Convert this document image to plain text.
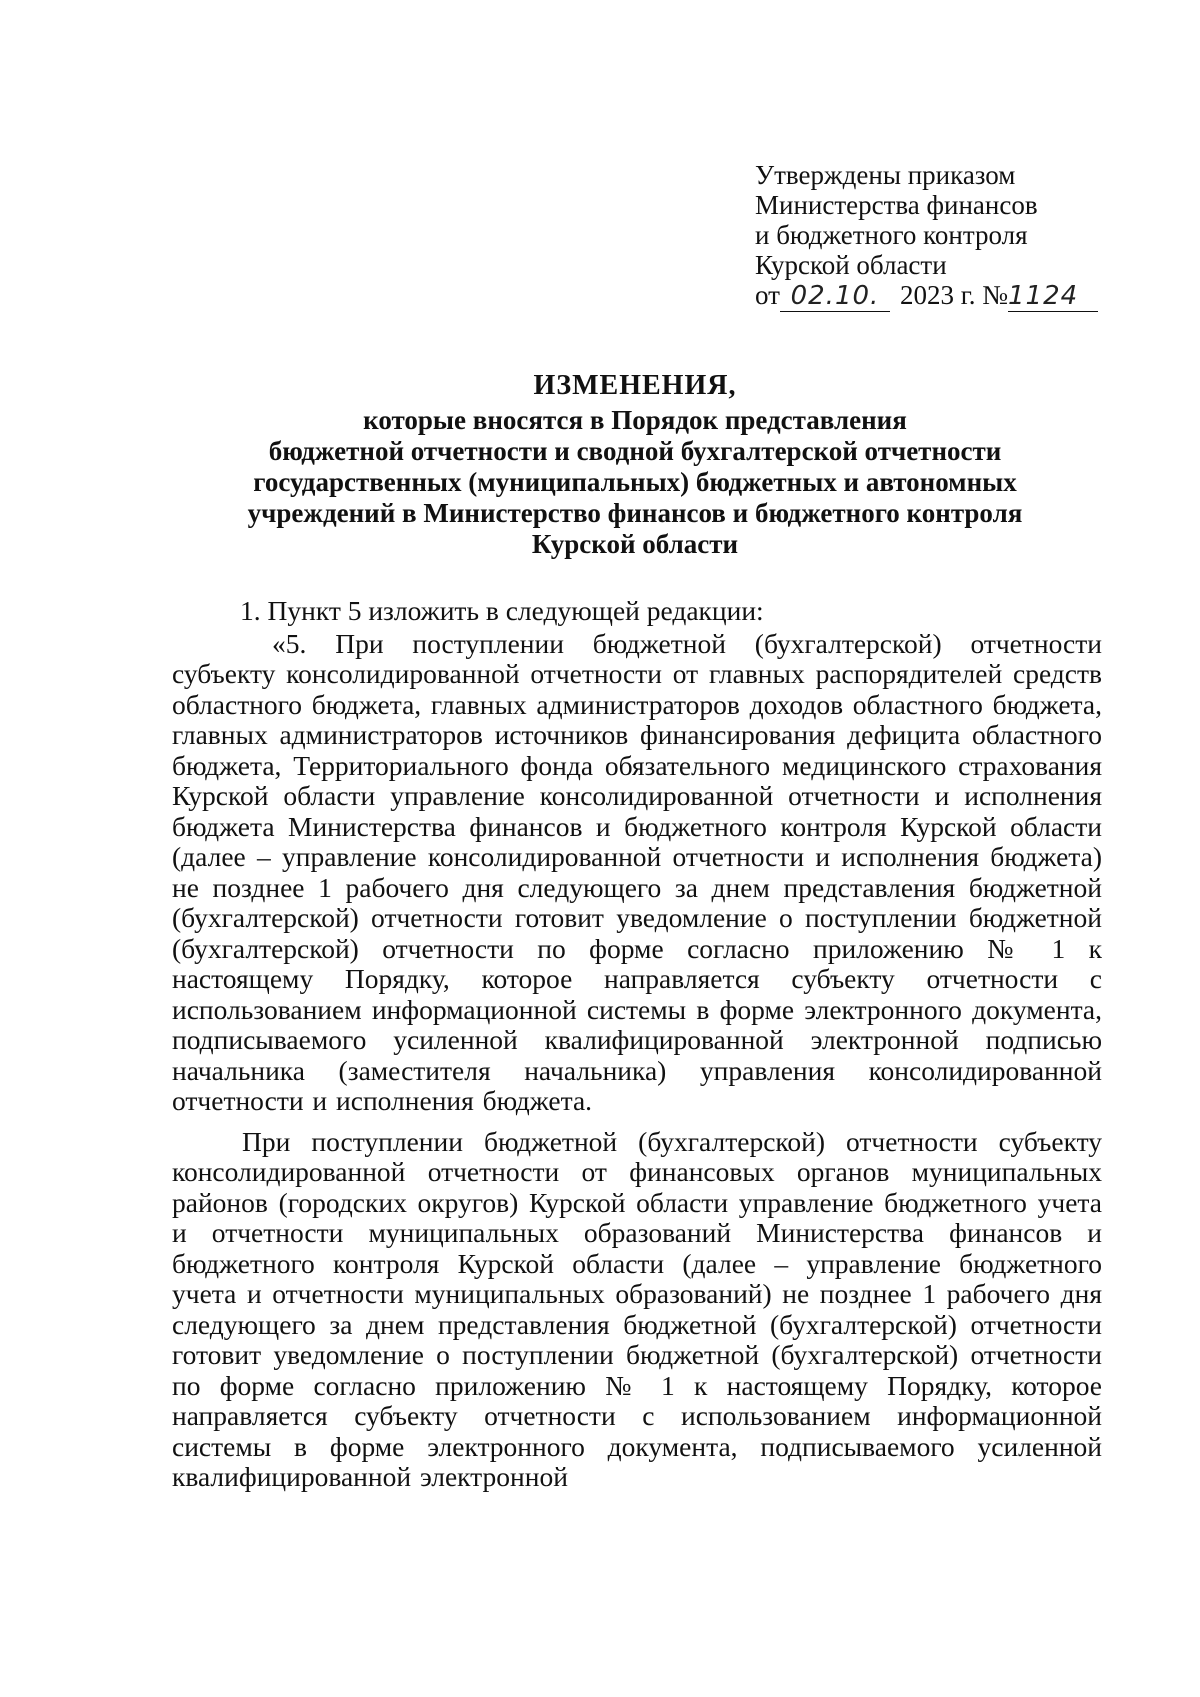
Утверждены приказом
Министерства финансов
и бюджетного контроля
Курской области
от 02.10. 2023 г. №1124
ИЗМЕНЕНИЯ,
которые вносятся в Порядок представления
бюджетной отчетности и сводной бухгалтерской отчетности
государственных (муниципальных) бюджетных и автономных
учреждений в Министерство финансов и бюджетного контроля
Курской области
1. Пункт 5 изложить в следующей редакции:

«5. При поступлении бюджетной (бухгалтерской) отчетности субъекту консолидированной отчетности от главных распорядителей средств областного бюджета, главных администраторов доходов областного бюджета, главных администраторов источников финансирования дефицита областного бюджета, Территориального фонда обязательного медицинского страхования Курской области управление консолидированной отчетности и исполнения бюджета Министерства финансов и бюджетного контроля Курской области (далее – управление консолидированной отчетности и исполнения бюджета) не позднее 1 рабочего дня следующего за днем представления бюджетной (бухгалтерской) отчетности готовит уведомление о поступлении бюджетной (бухгалтерской) отчетности по форме согласно приложению № 1 к настоящему Порядку, которое направляется субъекту отчетности с использованием информационной системы в форме электронного документа, подписываемого усиленной квалифицированной электронной подписью начальника (заместителя начальника) управления консолидированной отчетности и исполнения бюджета.

При поступлении бюджетной (бухгалтерской) отчетности субъекту консолидированной отчетности от финансовых органов муниципальных районов (городских округов) Курской области управление бюджетного учета и отчетности муниципальных образований Министерства финансов и бюджетного контроля Курской области (далее – управление бюджетного учета и отчетности муниципальных образований) не позднее 1 рабочего дня следующего за днем представления бюджетной (бухгалтерской) отчетности готовит уведомление о поступлении бюджетной (бухгалтерской) отчетности по форме согласно приложению № 1 к настоящему Порядку, которое направляется субъекту отчетности с использованием информационной системы в форме электронного документа, подписываемого усиленной квалифицированной электронной
